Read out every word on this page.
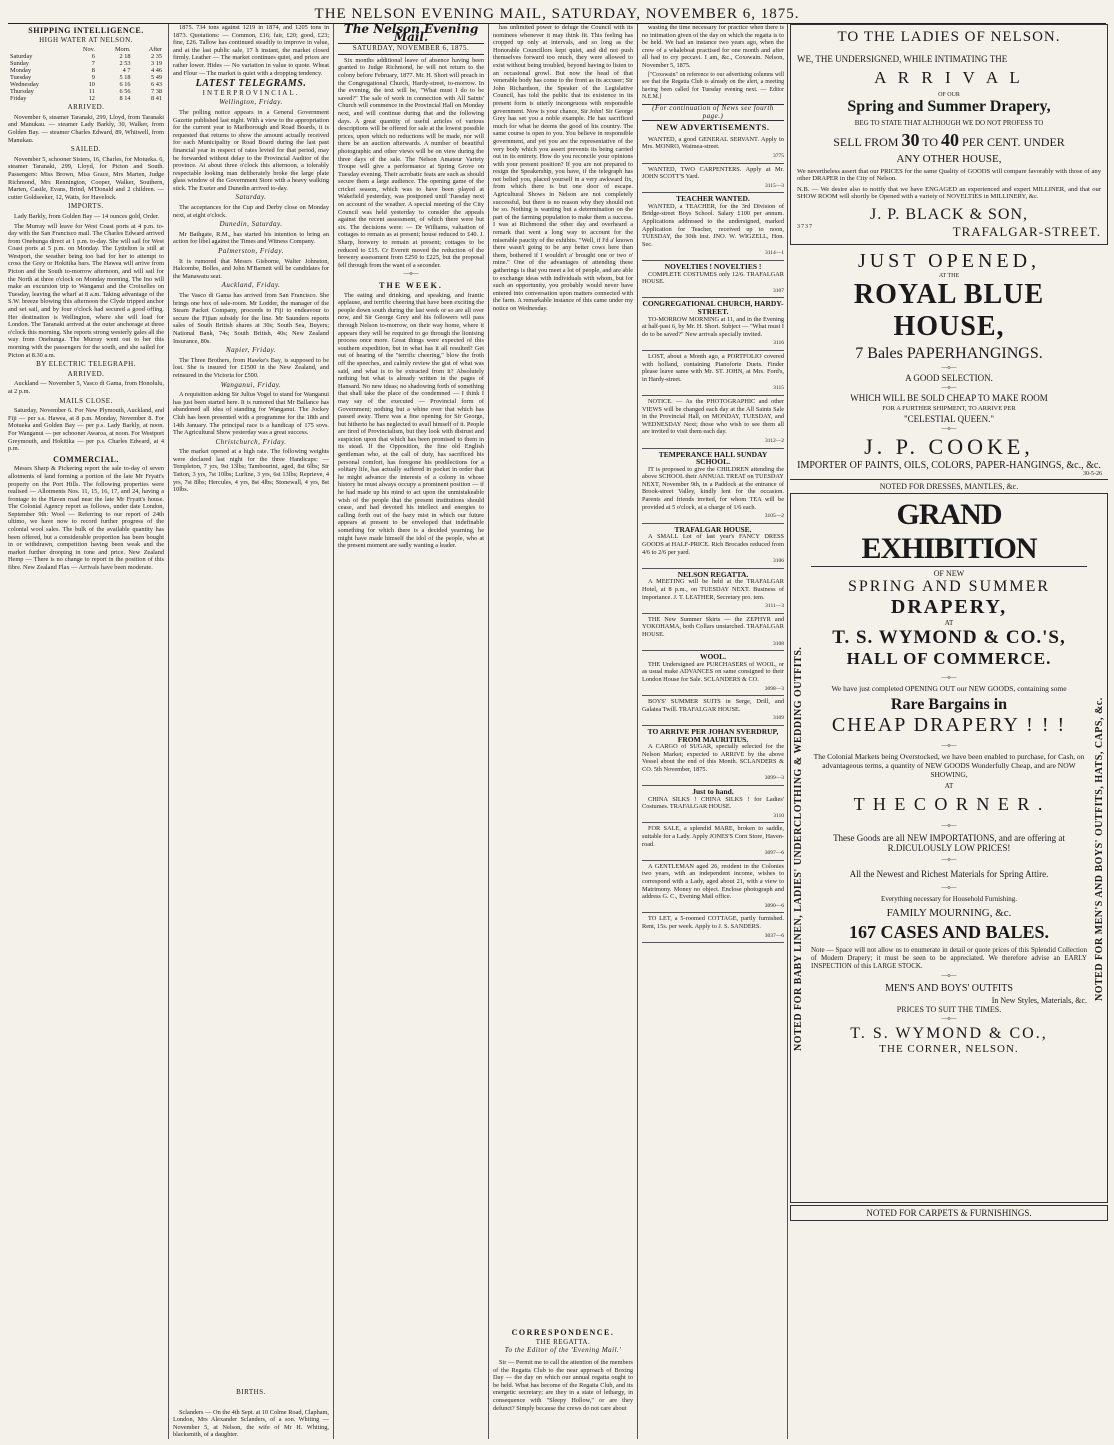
THE NELSON EVENING MAIL, SATURDAY, NOVEMBER 6, 1875.
SHIPPING INTELLIGENCE.
HIGH WATER AT NELSON.
	Nov.	Morn.	After
Saturday	6	2 18	2 35
Sunday	7	2 53	3 19
Monday	8	4 7	4 46
Tuesday	9	5 18	5 49
Wednesday	10	6 16	6 43
Thursday	11	6 56	7 38
Friday	12	8 14	8 41
ARRIVED.

November 6, steamer Taranaki, 299, Lloyd, from Taranaki and Manukau. — steamer Lady Barkly, 30, Walker, from Golden Bay. — steamer Charles Edward, 89, Whitwell, from Manukau.

SAILED.

November 5, schooner Sisters, 16, Charles, for Motueka. 6, steamer Taranaki, 299, Lloyd, for Picton and South. Passengers: Miss Brown, Miss Grace, Mrs Marten, Judge Richmond, Mrs Rennington, Cooper, Walker, Southern, Marten, Castle, Evans, Brind, M'Donald and 2 children. — cutter Goldseeker, 12, Watts, for Havelock.

IMPORTS.

Lady Barkly, from Golden Bay — 14 ounces gold, Order.

The Murray will leave for West Coast ports at 4 p.m. to-day with the San Francisco mail. The Charles Edward arrived from Onehunga direct at 1 p.m. to-day. She will sail for West Coast ports at 5 p.m. on Monday. The Lyttelton is still at Westport, the weather being too bad for her to attempt to cross the Grey or Hokitika bars. The Hawea will arrive from Picton and the South to-morrow afternoon, and will sail for the North at three o'clock on Monday morning. The Ino will make an excursion trip to Wanganui and the Croixelles on Tuesday, leaving the wharf at 8 a.m. Taking advantage of the S.W. breeze blowing this afternoon the Clyde tripped anchor and set sail, and by four o'clock had secured a good offing. Her destination is Wellington, where she will load for London. The Taranaki arrived at the outer anchorage at three o'clock this morning. She reports strong westerly gales all the way from Onehunga. The Murray went out to her this morning with the passengers for the south, and she sailed for Picton at 8.30 a.m.

BY ELECTRIC TELEGRAPH.
ARRIVED.

Auckland — November 5, Vasco di Gama, from Honolulu, at 2 p.m.

MAILS CLOSE.

Saturday, November 6. For New Plymouth, Auckland, and Fiji — per s.s. Hawea, at 8 p.m. Monday, November 8. For Motueka and Golden Bay — per p.s. Lady Barkly, at noon. For Wanganui — per schooner Awaroa, at noon. For Westport Greymouth, and Hokitika — per p.s. Charles Edward, at 4 p.m.

COMMERCIAL.

Messrs Sharp & Pickering report the sale to-day of seven allotments of land forming a portion of the late Mr Fryatt's property on the Port Hills. The following properties were realised — Allotments Nos. 11, 15, 16, 17, and 24, having a frontage to the Haven road near the late Mr Fryatt's house. The Colonial Agency report as follows, under date London, September 9th: Wool — Referring to our report of 24th ultimo, we have now to record further progress of the colonial wool sales. The bulk of the available quantity has been offered, but a considerable proportion has been bought in or withdrawn, competition having been weak and the market further drooping in tone and price. New Zealand Hemp — There is no change to report in the position of this fibre. New Zealand Flax — Arrivals have been moderate.

1875. 734 tons against 1219 in 1874, and 1205 tons in 1873. Quotations: — Common, £16; fair, £20; good, £23; fine, £26. Tallow has continued steadily to improve in value, and at the last public sale, 17 h instant, the market closed firmly. Leather — The market continues quiet, and prices are rather lower. Hides — No variation in value to quote. Wheat and Flour — The market is quiet with a dropping tendency.

LATEST TELEGRAMS.
INTERPROVINCIAL.
Wellington, Friday.

The polling notice appears in a General Government Gazette published last night. With a view to the appropriation for the current year to Marlborough and Road Boards, it is requested that returns to show the amount actually received for each Municipality or Road Board during the last past financial year in respect of rates levied for that period, may be forwarded without delay to the Provincial Auditor of the province. At about three o'clock this afternoon, a tolerably respectable looking man deliberately broke the large plate glass window of the Government Store with a heavy walking stick. The Exeter and Dunedin arrived to-day.

Saturday.

The acceptances for the Cup and Derby close on Monday next, at eight o'clock.

Dunedin, Saturday.

Mr Bathgate, R.M., has started his intention to bring an action for libel against the Times and Witness Company.

Palmerston, Friday.

It is rumored that Messrs Gisborne, Walter Johnston, Halcombe, Bolles, and John M'Barnett will be candidates for the Manawatu seat.

Auckland, Friday.

The Vasco di Gama has arrived from San Francisco. She brings one box of sale-room. Mr Lodder, the manager of the Steam Packet Company, proceeds to Fiji to endeavour to secure the Fijian subsidy for the line. Mr Saunders reports sales of South British shares at 30s; South Sea, Buyers; National Bank, 74s; South British, 40s; New Zealand Insurance, 80s.

Napier, Friday.

The Three Brothers, from Hawke's Bay, is supposed to be lost. She is insured for £1500 in the New Zealand, and reinsured in the Victoria for £500.

Wanganui, Friday.

A requisition asking Sir Julius Vogel to stand for Wanganui has just been started here. It is rumored that Mr Ballance has abandoned all idea of standing for Wanganui. The Jockey Club has been presented with a programme for the 18th and 14th January. The principal race is a handicap of 175 sovs. The Agricultural Show yesterday was a great success.

Christchurch, Friday.

The market opened at a high rate. The following weights were declared last night for the three Handicaps: — Templeton, 7 yrs, 9st 13lbs; Tambourini, aged, 8st 6lbs; Sir Tatton, 3 yrs, 7st 10lbs; Lurline, 3 yrs, 6st 13lbs; Reprieve, 4 yrs, 7st 8lbs; Hercules, 4 yrs, 8st 4lbs; Stonewall, 4 yrs, 8st 10lbs.

BIRTHS.

Sclanders — On the 4th Sept. at 10 Colme Road, Clapham, London, Mrs Alexander Sclanders, of a son. Whiting — November 5, at Nelson, the wife of Mr H. Whiting, blacksmith, of a daughter.

The Nelson Evening Mail.
SATURDAY, NOVEMBER 6, 1875.

Six months additional leave of absence having been granted to Judge Richmond, he will not return to the colony before February, 1877. Mr. H. Short will preach in the Congregational Church, Hardy-street, to-morrow. In the evening, the text will be, "What must I do to be saved?" The sale of work in connection with All Saints' Church will commence in the Provincial Hall on Monday next, and will continue during that and the following days. A great quantity of useful articles of various descriptions will be offered for sale at the lowest possible prices, upon which no reductions will be made, nor will there be an auction afterwards. A number of beautiful photographic and other views will be on view during the three days of the sale. The Nelson Amateur Variety Troupe will give a performance at Spring Grove on Tuesday evening. Their acrobatic feats are such as should secure them a large audience. The opening game of the cricket season, which was to have been played at Wakefield yesterday, was postponed until Tuesday next on account of the weather. A special meeting of the City Council was held yesterday to consider the appeals against the recent assessment, of which there were but six. The decisions were: — Dr Williams, valuation of cottages to remain as at present; house reduced to £40. J. Sharp, brewery to remain at present; cottages to be reduced to £15. Cr Everett moved the reduction of the brewery assessment from £250 to £225, but the proposal fell through from the want of a seconder.

—o—
THE WEEK.

The eating and drinking, and speaking, and frantic applause, and terrific cheering that have been exciting the people down south during the last week or so are all over now, and Sir George Grey and his followers will pass through Nelson to-morrow, on their way home, where it appears they will be required to go through the lionising process once more. Great things were expected of this southern expedition, but in what has it all resulted? Get out of hearing of the "terrific cheering," blow the froth off the speeches, and calmly review the gist of what was said, and what is to be extracted from it? Absolutely nothing but what is already written in the pages of Hansard. No new ideas; no shadowing forth of something that shall take the place of the condemned — I think I may say of the executed — Provincial form of Government; nothing but a whine over that which has passed away. There was a fine opening for Sir George, but hitherto he has neglected to avail himself of it. People are tired of Provincialism, but they look with distrust and suspicion upon that which has been promised to them in its stead. If the Opposition, the fine old English gentleman who, at the call of duty, has sacrificed his personal comfort, has foregone his predilections for a solitary life, has actually suffered in pocket in order that he might advance the interests of a colony in whose history he must always occupy a prominent position — if he had made up his mind to act upon the unmistakeable wish of the people that the present institutions should cease, and had devoted his intellect and energies to calling forth out of the hazy mist in which our future appears at present to be enveloped that indefinable something for which there is a decided yearning, he might have made himself the idol of the people, who at the present moment are sadly wanting a leader.

has unlimited power to deluge the Council with its nominees whenever it may think fit. This feeling has cropped up only at intervals, and so long as the Honorable Councillors kept quiet, and did not push themselves forward too much, they were allowed to exist without being troubled, beyond having to listen to an occasional growl. But now the head of that venerable body has come to the front as its accuser; Sir John Richardson, the Speaker of the Legislative Council, has told the public that its existence in its present form is utterly incongruous with responsible government. Now is your chance, Sir John! Sir George Grey has set you a noble example. He has sacrificed much for what he deems the good of his country. The same course is open to you. You believe in responsible government, and yet you are the representative of the very body which you assert prevents its being carried out in its entirety. How do you reconcile your opinions with your present position? If you are not prepared to resign the Speakership, you have, if the telegraph has not belied you, placed yourself in a very awkward fix, from which there is but one door of escape. Agricultural Shows in Nelson are not completely successful, but there is no reason why they should not be so. Nothing is wanting but a determination on the part of the farming population to make them a success. I was at Richmond the other day and overheard a remark that went a long way to account for the miserable paucity of the exhibits. "Well, if I'd a' known there wasn't going to be any better cows here than them, bothered if I wouldn't a' brought one or two o' mine." One of the advantages of attending these gatherings is that you meet a lot of people, and are able to exchange ideas with individuals with whom, but for such an opportunity, you probably would never have entered into conversation upon matters connected with the farm. A remarkable instance of this came under my notice on Wednesday.

CORRESPONDENCE.
THE REGATTA.
To the Editor of the 'Evening Mail.'

Sir — Permit me to call the attention of the members of the Regatta Club to the near approach of Boxing Day — the day on which our annual regatta ought to be held. What has become of the Regatta Club, and its energetic secretary; are they in a state of lethargy, in consequence with "Sleepy Hollow," or are they defunct? Simply because the crews do not care about

wasting the time necessary for practice when there is no intimation given of the day on which the regatta is to be held. We had an instance two years ago, when the crew of a whaleboat practised for one month and after all had to cry peccavi. I am, &c., Coxswain. Nelson, November 5, 1875.

["Coxswain" on reference to our advertising columns will see that the Regatta Club is already on the alert, a meeting having been called for Tuesday evening next. — Editor N.E.M.]

(For continuation of News see fourth page.)
NEW ADVERTISEMENTS.

WANTED, a good GENERAL SERVANT. Apply to Mrs. MONRO, Waimea-street.

3775

WANTED, TWO CARPENTERS. Apply at Mr. JOHN SCOTT'S Yard.

3115—3
TEACHER WANTED.

WANTED, a TEACHER, for the 3rd Division of Bridge-street Boys School. Salary £100 per annum. Applications addressed to the undersigned, marked Application for Teacher, received up to noon, TUESDAY, the 30th inst. JNO. W. WIGZELL, Hon. Sec.

3114—1
NOVELTIES ! NOVELTIES !

COMPLETE COSTUMES only 12/6. TRAFALGAR HOUSE.

3107
CONGREGATIONAL CHURCH, HARDY-STREET.

TO-MORROW MORNING at 11, and in the Evening at half-past 6, by Mr. H. Short. Subject — "What must I do to be saved?" New arrivals specially invited.

3116

LOST, about a Month ago, a PORTFOLIO covered with holland, containing Pianoforte Duets. Finder please leave same with Mr. ST. JOHN, at Mrs. Ford's, in Hardy-street.

3115

NOTICE. — As the PHOTOGRAPHIC and other VIEWS will be changed each day at the All Saints Sale in the Provincial Hall, on MONDAY, TUESDAY, and WEDNESDAY Next; those who wish to see them all are invited to visit them each day.

3112—2
TEMPERANCE HALL SUNDAY SCHOOL.

IT is proposed to give the CHILDREN attending the above SCHOOL their ANNUAL TREAT on TUESDAY NEXT, November 9th, in a Paddock at the entrance of Brook-street Valley, kindly lent for the occasion. Parents and friends invited, for whom TEA will be provided at 5 o'clock, at a charge of 1/6 each.

3105—2
TRAFALGAR HOUSE.

A SMALL Lot of last year's FANCY DRESS GOODS at HALF-PRICE. Rich Brocades reduced from 4/6 to 2/6 per yard.

3106
NELSON REGATTA.

A MEETING will be held at the TRAFALGAR Hotel, at 8 p.m., on TUESDAY NEXT. Business of importance. J. T. LEATHER, Secretary pro. tem.

3111—3

THE New Summer Skirts — the ZEPHYR and YOKOHAMA, both Collars unstarched. TRAFALGAR HOUSE.

3108
WOOL.

THE Undersigned are PURCHASERS of WOOL, or as usual make ADVANCES on same consigned to their London House for Sale. SCLANDERS & CO.

3098—3

BOYS' SUMMER SUITS in Serge, Drill, and Galatea Twill. TRAFALGAR HOUSE.

3109
TO ARRIVE PER JOHAN SVERDRUP, FROM MAURITIUS.

A CARGO of SUGAR, specially selected for the Nelson Market; expected to ARRIVE by the above Vessel about the end of this Month. SCLANDERS & CO. 5th November, 1875.

3099—3
Just to hand.

CHINA SILKS ! CHINA SILKS ! for Ladies' Costumes. TRAFALGAR HOUSE.

3110

FOR SALE, a splendid MARE, broken to saddle, suitable for a Lady. Apply JONES'S Corn Store, Haven-road.

3097—6

A GENTLEMAN aged 26, resident in the Colonies two years, with an independent income, wishes to correspond with a Lady, aged about 21, with a view to Matrimony. Money no object. Enclose photograph and address G. C., Evening Mail office.

3090—6

TO LET, a 5-roomed COTTAGE, partly furnished. Rent, 15s. per week. Apply to J. S. SANDERS.

3037—6
TO THE LADIES OF NELSON.
WE, THE UNDERSIGNED, WHILE INTIMATING THE
A R R I V A L
OF OUR
Spring and Summer Drapery,
BEG TO STATE THAT ALTHOUGH WE DO NOT PROFESS TO
SELL FROM 30 TO 40 PER CENT. UNDER
ANY OTHER HOUSE,
We nevertheless assert that our PRICES for the same Quality of GOODS will compare favorably with those of any other DRAPER in the City of Nelson.
N.B. — We desire also to notify that we have ENGAGED an experienced and expert MILLINER, and that our SHOW ROOM will shortly be Opened with a variety of NOVELTIES in MILLINERY, &c.
J. P. BLACK & SON,
3737	TRAFALGAR-STREET.
JUST OPENED,
AT THE
ROYAL BLUE HOUSE,
7 Bales PAPERHANGINGS.
—o—
A GOOD SELECTION.
—o—
WHICH WILL BE SOLD CHEAP TO MAKE ROOM
FOR A FURTHER SHIPMENT, TO ARRIVE PER
"CELESTIAL QUEEN."
—o—
J. P. COOKE,
IMPORTER OF PAINTS, OILS, COLORS, PAPER-HANGINGS, &c., &c.
30-5-26
NOTED FOR DRESSES, MANTLES, &c.
NOTED FOR BABY LINEN, LADIES' UNDERCLOTHING & WEDDING OUTFITS.	NOTED FOR MEN'S AND BOYS' OUTFITS, HATS, CAPS, &c.
GRAND EXHIBITION
OF NEW
SPRING AND SUMMER
DRAPERY,
AT
T. S. WYMOND & CO.'S,
HALL OF COMMERCE.
—o—
We have just completed OPENING OUT our NEW GOODS, containing some
Rare Bargains in
CHEAP DRAPERY ! ! !
—o—
The Colonial Markets being Overstocked, we have been enabled to purchase, for Cash, on advantageous terms, a quantity of NEW GOODS Wonderfully Cheap, and are NOW SHOWING,
AT
T H E C O R N E R .
—o—
These Goods are all NEW IMPORTATIONS, and are offering at R.DICULOUSLY LOW PRICES!
—o—
All the Newest and Richest Materials for Spring Attire.
—o—
Everything necessary for Household Furnishing.
FAMILY MOURNING, &c.
167 CASES AND BALES.
Note — Space will not allow us to enumerate in detail or quote prices of this Splendid Collection of Modern Drapery; it must be seen to be appreciated. We therefore advise an EARLY INSPECTION of this LARGE STOCK.
—o—
MEN'S AND BOYS' OUTFITS
In New Styles, Materials, &c.
PRICES TO SUIT THE TIMES.
—o—
T. S. WYMOND & CO.,
THE CORNER, NELSON.
NOTED FOR CARPETS & FURNISHINGS.
